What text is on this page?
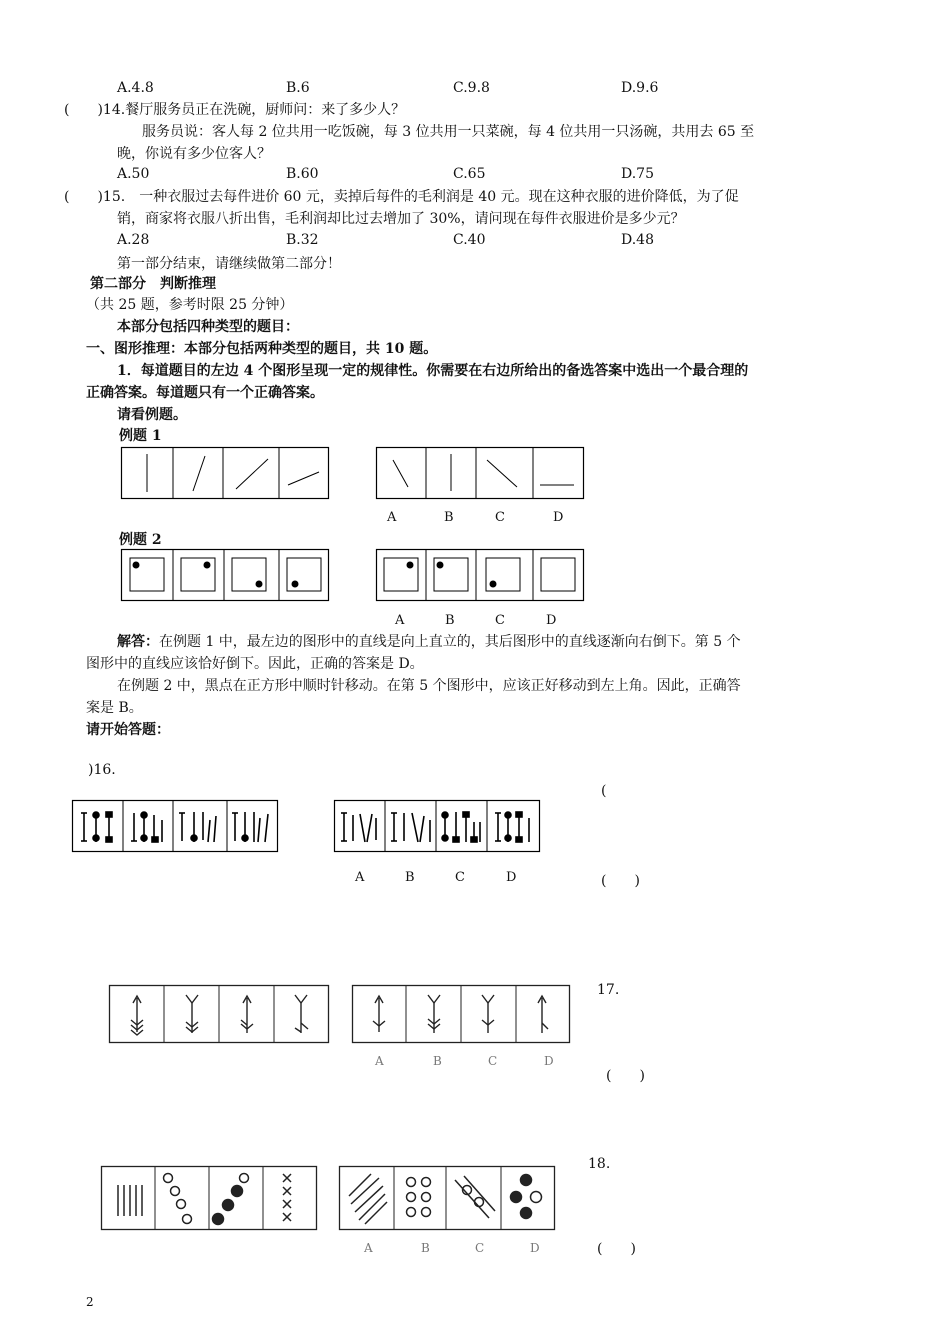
A.4.8	B.6	C.9.8	D.9.6
(　　)14.餐厅服务员正在洗碗，厨师问：来了多少人？
服务员说：客人每 2 位共用一吃饭碗，每 3 位共用一只菜碗，每 4 位共用一只汤碗，共用去 65 至
晚，你说有多少位客人？
A.50	B.60	C.65	D.75
(　　)15.　一种衣服过去每件进价 60 元，卖掉后每件的毛利润是 40 元。现在这种衣服的进价降低，为了促
销，商家将衣服八折出售，毛利润却比过去增加了 30%，请问现在每件衣服进价是多少元？
A.28	B.32	C.40	D.48
第一部分结束，请继续做第二部分！
第二部分　判断推理
（共 25 题，参考时限 25 分钟）
本部分包括四种类型的题目：
一、图形推理：本部分包括两种类型的题目，共 10 题。
1．每道题目的左边 4 个图形呈现一定的规律性。你需要在右边所给出的备选答案中选出一个最合理的
正确答案。每道题只有一个正确答案。
请看例题。
例题 1
A	B	C	D
例题 2
A	B	C	D
解答：在例题 1 中，最左边的图形中的直线是向上直立的，其后图形中的直线逐渐向右倒下。第 5 个
图形中的直线应该恰好倒下。因此，正确的答案是 D。
在例题 2 中，黑点在正方形中顺时针移动。在第 5 个图形中，应该正好移动到左上角。因此，正确答
案是 B。
请开始答题：
)16.
(
A	B	C	D	(　　)
17.
A	B	C	D
(　　)
18.
A	B	C	D	(　　)
2
